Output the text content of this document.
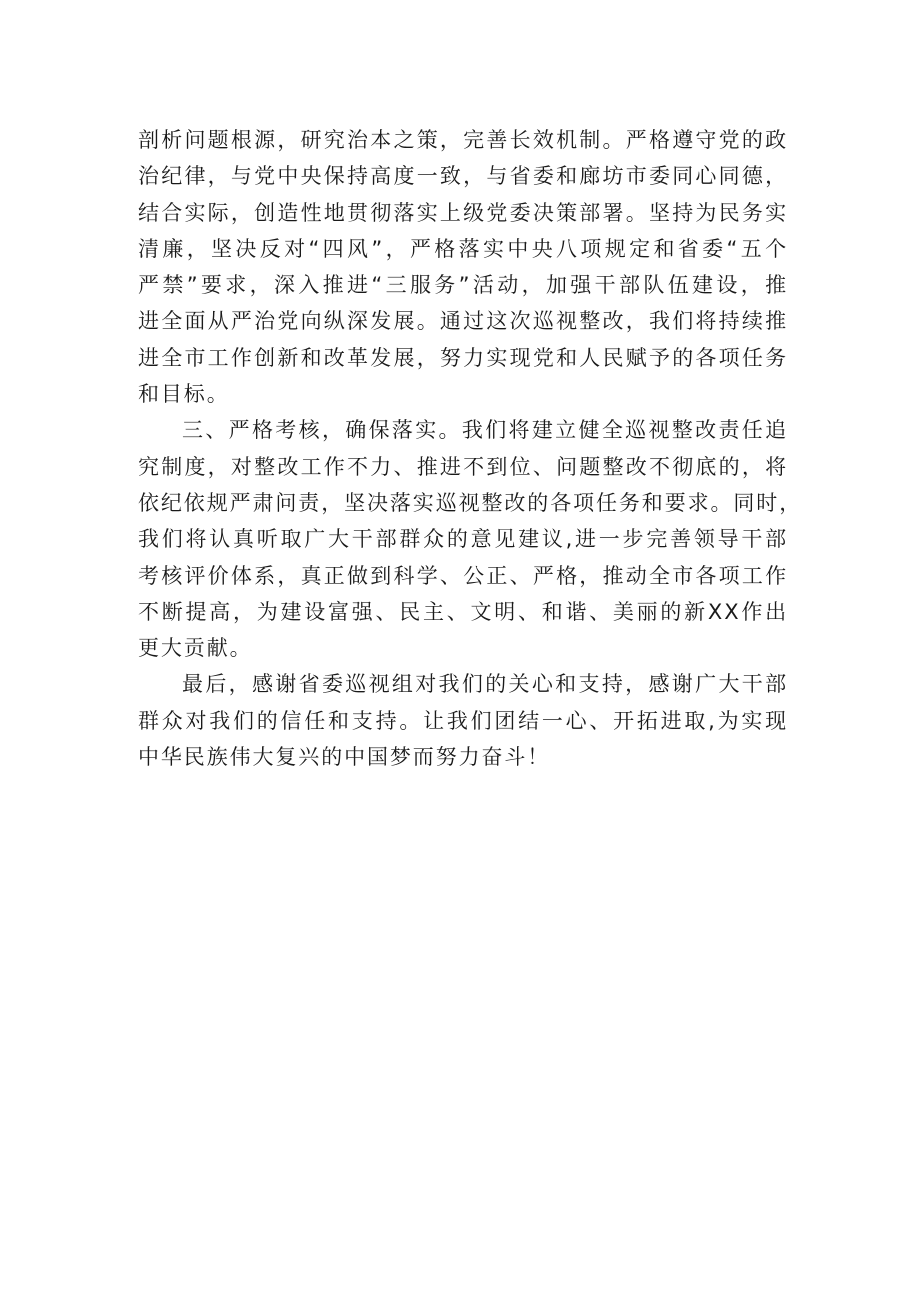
剖析问题根源，研究治本之策，完善长效机制。严格遵守党的政
治纪律，与党中央保持高度一致，与省委和廊坊市委同心同德，
结合实际，创造性地贯彻落实上级党委决策部署。坚持为民务实
清廉，坚决反对“四风”，严格落实中央八项规定和省委“五个
严禁”要求，深入推进“三服务”活动，加强干部队伍建设，推
进全面从严治党向纵深发展。通过这次巡视整改，我们将持续推
进全市工作创新和改革发展，努力实现党和人民赋予的各项任务
和目标。

三、严格考核，确保落实。我们将建立健全巡视整改责任追
究制度，对整改工作不力、推进不到位、问题整改不彻底的，将
依纪依规严肃问责，坚决落实巡视整改的各项任务和要求。同时，
我们将认真听取广大干部群众的意见建议,进一步完善领导干部
考核评价体系，真正做到科学、公正、严格，推动全市各项工作
不断提高，为建设富强、民主、文明、和谐、美丽的新XX作出
更大贡献。

最后，感谢省委巡视组对我们的关心和支持，感谢广大干部
群众对我们的信任和支持。让我们团结一心、开拓进取,为实现
中华民族伟大复兴的中国梦而努力奋斗！
